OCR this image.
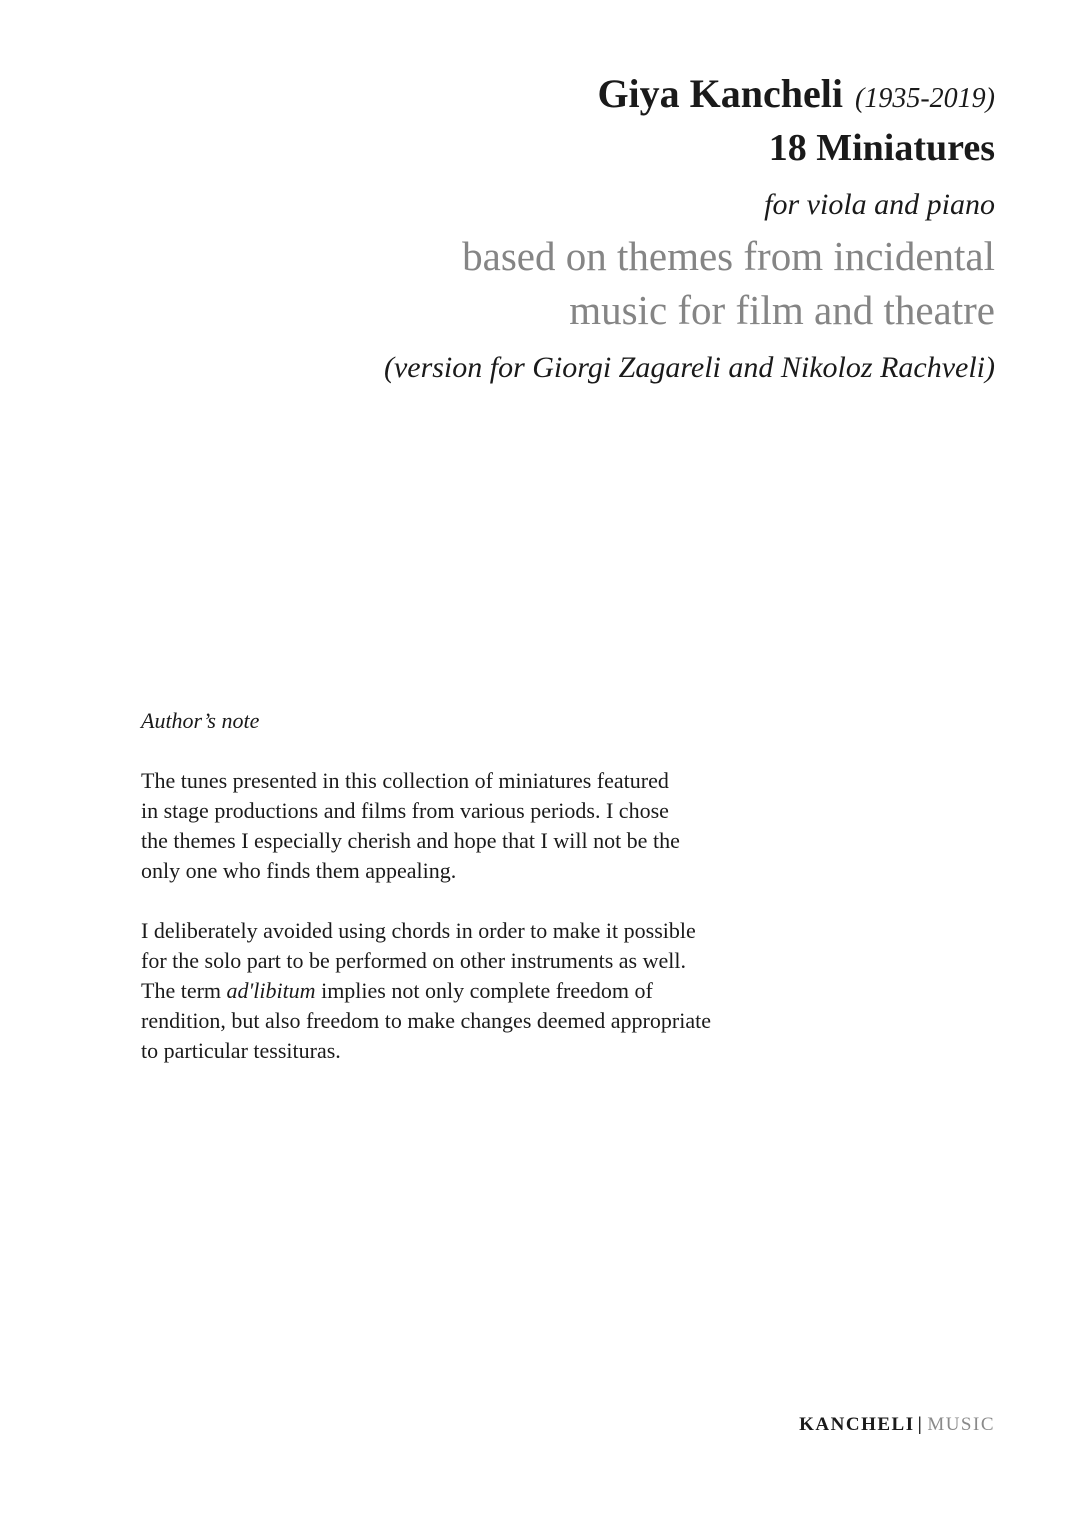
Giya Kancheli (1935-2019)
18 Miniatures
for viola and piano
based on themes from incidental
music for film and theatre
(version for Giorgi Zagareli and Nikoloz Rachveli)

Author’s note

The tunes presented in this collection of miniatures featured
in stage productions and films from various periods. I chose
the themes I especially cherish and hope that I will not be the
only one who finds them appealing.

I deliberately avoided using chords in order to make it possible
for the solo part to be performed on other instruments as well.
The term ad'libitum implies not only complete freedom of
rendition, but also freedom to make changes deemed appropriate
to particular tessituras.

KANCHELI | MUSIC
